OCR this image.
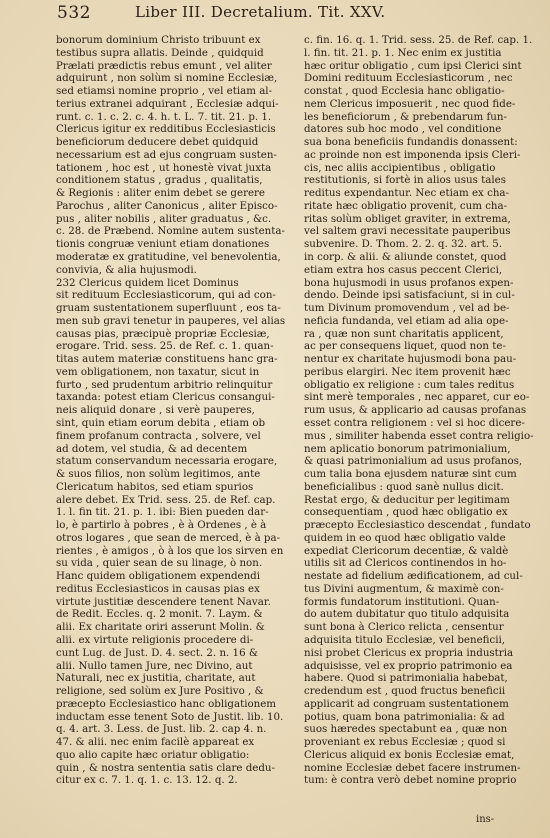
532	Liber III. Decretalium. Tit. XXV.
bonorum dominium Christo tribuunt ex
testibus supra allatis. Deinde , quidquid
Prælati prædictis rebus emunt , vel aliter
adquirunt , non solùm si nomine Ecclesiæ,
sed etiamsi nomine proprio , vel etiam al-
terius extranei adquirant , Ecclesiæ adqui-
runt. c. 1. c. 2. c. 4. h. t. L. 7. tit. 21. p. 1.
Clericus igitur ex redditibus Ecclesiasticis
beneficiorum deducere debet quidquid
necessarium est ad ejus congruam susten-
tationem , hoc est , ut honestè vivat juxta
conditionem status , gradus , qualitatis,
& Regionis : aliter enim debet se gerere
Parochus , aliter Canonicus , aliter Episco-
pus , aliter nobilis , aliter graduatus , &c.
c. 28. de Præbend. Nomine autem sustenta-
tionis congruæ veniunt etiam donationes
moderatæ ex gratitudine, vel benevolentia,
convivia, & alia hujusmodi.
232 Clericus quidem licet Dominus
sit redituum Ecclesiasticorum, qui ad con-
gruam sustentationem superfluunt , eos ta-
men sub gravi tenetur in pauperes, vel alias
causas pias, præcipuè propriæ Ecclesiæ,
erogare. Trid. sess. 25. de Ref. c. 1. quan-
titas autem materiæ constituens hanc gra-
vem obligationem, non taxatur, sicut in
furto , sed prudentum arbitrio relinquitur
taxanda: potest etiam Clericus consangui-
neis aliquid donare , si verè pauperes,
sint, quin etiam eorum debita , etiam ob
finem profanum contracta , solvere, vel
ad dotem, vel studia, & ad decentem
statum conservandum necessaria erogare,
& suos filios, non solùm legitimos, ante
Clericatum habitos, sed etiam spurios
alere debet. Ex Trid. sess. 25. de Ref. cap.
1. l. fin tit. 21. p. 1. ibi: Bien pueden dar-
lo, è partirlo à pobres , è à Ordenes , è à
otros logares , que sean de merced, è à pa-
rientes , è amigos , ò à los que los sirven en
su vida , quier sean de su linage, ò non.
Hanc quidem obligationem expendendi
reditus Ecclesiasticos in causas pias ex
virtute justitiæ descendere tenent Navar.
de Redit. Eccles. q. 2 monit. 7. Laym. &
alii. Ex charitate oriri asserunt Molin. &
alii. ex virtute religionis procedere di-
cunt Lug. de Just. D. 4. sect. 2. n. 16 &
alii. Nullo tamen Jure, nec Divino, aut
Naturali, nec ex justitia, charitate, aut
religione, sed solùm ex Jure Positivo , &
præcepto Ecclesiastico hanc obligationem
inductam esse tenent Soto de Justit. lib. 10.
q. 4. art. 3. Less. de Just. lib. 2. cap 4. n.
47. & alii. nec enim facilè appareat ex
quo alio capite hæc oriatur obligatio:
quin , & nostra sententia satis clare dedu-
citur ex c. 7. 1. q. 1. c. 13. 12. q. 2.
c. fin. 16. q. 1. Trid. sess. 25. de Ref. cap. 1.
l. fin. tit. 21. p. 1. Nec enim ex justitia
hæc oritur obligatio , cum ipsi Clerici sint
Domini redituum Ecclesiasticorum , nec
constat , quod Ecclesia hanc obligatio-
nem Clericus imposuerit , nec quod fide-
les beneficiorum , & prebendarum fun-
datores sub hoc modo , vel conditione
sua bona beneficiis fundandis donassent:
ac proinde non est imponenda ipsis Cleri-
cis, nec aliis accipientibus , obligatio
restitutionis, si fortè in alios usus tales
reditus expendantur. Nec etiam ex cha-
ritate hæc obligatio provenit, cum cha-
ritas solùm obliget graviter, in extrema,
vel saltem gravi necessitate pauperibus
subvenire. D. Thom. 2. 2. q. 32. art. 5.
in corp. & alii. & aliunde constet, quod
etiam extra hos casus peccent Clerici,
bona hujusmodi in usus profanos expen-
dendo. Deinde ipsi satisfaciunt, si in cul-
tum Divinum promovendum , vel ad be-
neficia fundanda, vel etiam ad alia ope-
ra , quæ non sunt charitatis applicent,
ac per consequens liquet, quod non te-
nentur ex charitate hujusmodi bona pau-
peribus elargiri. Nec item provenit hæc
obligatio ex religione : cum tales reditus
sint merè temporales , nec apparet, cur eo-
rum usus, & applicario ad causas profanas
esset contra religionem : vel si hoc dicere-
mus , similiter habenda esset contra religio-
nem aplicatio bonorum patrimonialium,
& quasi patrimonialium ad usus profanos,
cum talia bona ejusdem naturæ sint cum
beneficialibus : quod sanè nullus dicit.
Restat ergo, & deducitur per legitimam
consequentiam , quod hæc obligatio ex
præcepto Ecclesiastico descendat , fundato
quidem in eo quod hæc obligatio valde
expediat Clericorum decentiæ, & valdè
utilis sit ad Clericos continendos in ho-
nestate ad fidelium ædificationem, ad cul-
tus Divini augmentum, & maximè con-
formis fundatorum institutioni. Quan-
do autem dubitatur quo titulo adquisita
sunt bona à Clerico relicta , censentur
adquisita titulo Ecclesiæ, vel beneficii,
nisi probet Clericus ex propria industria
adquisisse, vel ex proprio patrimonio ea
habere. Quod si patrimonialia habebat,
credendum est , quod fructus beneficii
applicarit ad congruam sustentationem
potius, quam bona patrimonialia: & ad
suos hæredes spectabunt ea , quæ non
proveniant ex rebus Ecclesiæ ; quod si
Clericus aliquid ex bonis Ecclesiæ emat,
nomine Ecclesiæ debet facere instrumen-
tum: è contra verò debet nomine proprio
ins-
